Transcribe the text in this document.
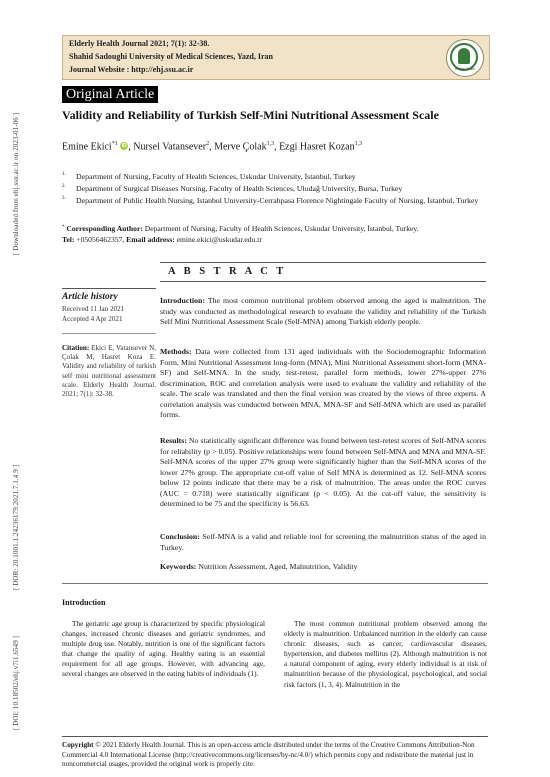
[ Downloaded from ehj.ssu.ac.ir on 2023-01-06 ]
[ DOR: 20.1001.1.24236179.2021.7.1.4.9 ]
[ DOI: 10.18502/ehj.v7i1.6549 ]
Elderly Health Journal 2021; 7(1): 32-38.
Shahid Sadoughi University of Medical Sciences, Yazd, Iran
Journal Website : http://ehj.ssu.ac.ir	Elderly Health
Original Article
Validity and Reliability of Turkish Self-Mini Nutritional Assessment Scale
Emine Ekici$^{*1}$ iD , Nursel Vatansever$^2$, Merve Çolak$^{1,3}$, Ezgi Hasret Kozan$^{1,3}$
1. Department of Nursing, Faculty of Health Sciences, Uskudar University, İstanbul, Turkey
2. Department of Surgical Diseases Nursing, Faculty of Health Sciences, Uludağ University, Bursa, Turkey
3. Department of Public Health Nursing, Istanbul University-Cerrahpasa Florence Nightingale Faculty of Nursing, İstanbul, Turkey
* Corresponding Author: Department of Nursing, Faculty of Health Sciences, Uskudar University, İstanbul, Turkey.
Tel: +05056462357, Email address: emine.ekici@uskudar.edu.tr
A B S T R A C T
Article history
Received 11 Jan 2021
Accepted 4 Apr 2021
Citation: Ekici E, Vatansever N, Çolak M, Hasret Koza E. Validity and reliability of turkish self mini nutritional assessment scale. Elderly Health Journal. 2021; 7(1): 32-38.
Introduction: The most common nutritional problem observed among the aged is malnutrition. The study was conducted as methodological research to evaluate the validity and reliability of the Turkish Self Mini Nutritional Assessment Scale (Self-MNA) among Turkish elderly people.
Methods: Data were collected from 131 aged individuals with the Sociodemographic Information Form, Mini Nutritional Assessment long-form (MNA), Mini Nutritional Assessment short-form (MNA-SF) and Self-MNA. In the study, test-retest, parallel form methods, lower 27%-upper 27% discrimination, ROC and correlation analysis were used to evaluate the validity and reliability of the scale. The scale was translated and then the final version was created by the views of three experts. A correlation analysis was conducted between MNA, MNA-SF and Self-MNA which are used as parallel forms.
Results: No statistically significant difference was found between test-retest scores of Self-MNA scores for reliability (p > 0.05). Positive relationships were found between Self-MNA and MNA and MNA-SF. Self-MNA scores of the upper 27% group were significantly higher than the Self-MNA scores of the lower 27% group. The appropriate cut-off value of Self MNA is determined as 12. Self-MNA scores below 12 points indicate that there may be a risk of malnutrition. The areas under the ROC curves (AUC = 0.718) were statistically significant (p < 0.05). At the cut-off value, the sensitivity is determined to be 75 and the specificity is 56.63.
Conclusion: Self-MNA is a valid and reliable tool for screening the malnutrition status of the aged in Turkey.
Keywords: Nutrition Assessment, Aged, Malnutrition, Validity
Introduction
The geriatric age group is characterized by specific physiological changes, increased chronic diseases and geriatric syndromes, and multiple drug use. Notably, nutrition is one of the significant factors that change the quality of aging. Healthy eating is an essential requirement for all age groups. However, with advancing age, several changes are observed in the eating habits of individuals (1).
The most common nutritional problem observed among the elderly is malnutrition. Unbalanced nutrition in the elderly can cause chronic diseases, such as cancer, cardiovascular diseases, hypertension, and diabetes mellitus (2). Although malnutrition is not a natural component of aging, every elderly individual is at risk of malnutrition because of the physiological, psychological, and social risk factors (1, 3, 4). Malnutrition in the
Copyright © 2021 Elderly Health Journal. This is an open-access article distributed under the terms of the Creative Commons Attribution-Non Commercial 4.0 International License (http://creativecommons.org/licenses/by-nc/4.0/) which permits copy and redistribute the material just in noncommercial usages, provided the original work is properly cite.
